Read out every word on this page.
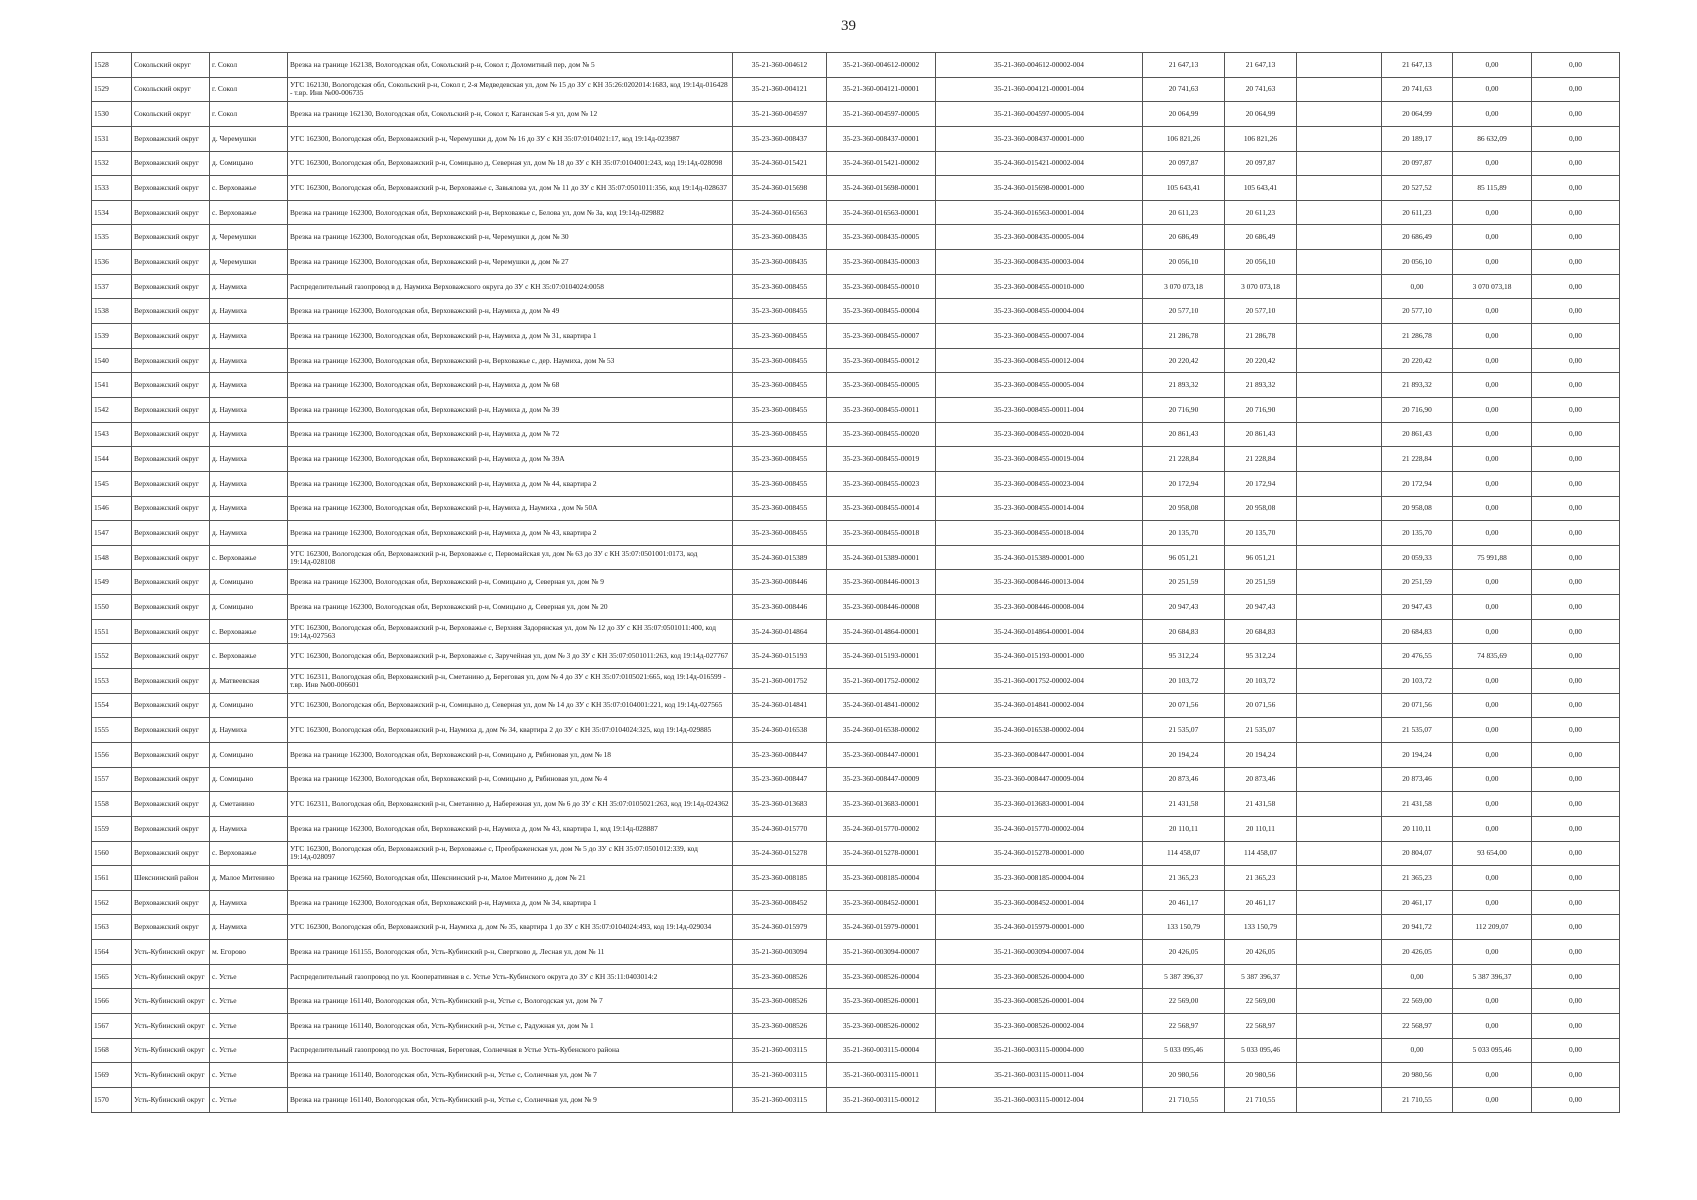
39
1528	Сокольский округ	г. Сокол	Врезка на границе 162138, Вологодская обл, Сокольский р-н, Сокол г, Доломитный пер, дом № 5	35-21-360-004612	35-21-360-004612-00002	35-21-360-004612-00002-004	21 647,13	21 647,13		21 647,13	0,00	0,00
1529	Сокольский округ	г. Сокол	УГС 162130, Вологодская обл, Сокольский р-н, Сокол г, 2-я Медведевская ул, дом № 15 до ЗУ с КН 35:26:0202014:1683, код 19:14д-016428 - т.вр. Инв №00-006735	35-21-360-004121	35-21-360-004121-00001	35-21-360-004121-00001-004	20 741,63	20 741,63		20 741,63	0,00	0,00
1530	Сокольский округ	г. Сокол	Врезка на границе 162130, Вологодская обл, Сокольский р-н, Сокол г, Каганская 5-я ул, дом № 12	35-21-360-004597	35-21-360-004597-00005	35-21-360-004597-00005-004	20 064,99	20 064,99		20 064,99	0,00	0,00
1531	Верховажский округ	д. Черемушки	УГС 162300, Вологодская обл, Верховажский р-н, Черемушки д, дом № 16 до ЗУ с КН 35:07:0104021:17, код 19:14д-023987	35-23-360-008437	35-23-360-008437-00001	35-23-360-008437-00001-000	106 821,26	106 821,26		20 189,17	86 632,09	0,00
1532	Верховажский округ	д. Сомицыно	УГС 162300, Вологодская обл, Верховажский р-н, Сомицыно д, Северная ул, дом № 18 до ЗУ с КН 35:07:0104001:243, код 19:14д-028098	35-24-360-015421	35-24-360-015421-00002	35-24-360-015421-00002-004	20 097,87	20 097,87		20 097,87	0,00	0,00
1533	Верховажский округ	с. Верховажье	УГС 162300, Вологодская обл, Верховажский р-н, Верховажье с, Завьялова ул, дом № 11 до ЗУ с КН 35:07:0501011:356, код 19:14д-028637	35-24-360-015698	35-24-360-015698-00001	35-24-360-015698-00001-000	105 643,41	105 643,41		20 527,52	85 115,89	0,00
1534	Верховажский округ	с. Верховажье	Врезка на границе 162300, Вологодская обл, Верховажский р-н, Верховажье с, Белова ул, дом № 3а, код 19:14д-029882	35-24-360-016563	35-24-360-016563-00001	35-24-360-016563-00001-004	20 611,23	20 611,23		20 611,23	0,00	0,00
1535	Верховажский округ	д. Черемушки	Врезка на границе 162300, Вологодская обл, Верховажский р-н, Черемушки д, дом № 30	35-23-360-008435	35-23-360-008435-00005	35-23-360-008435-00005-004	20 686,49	20 686,49		20 686,49	0,00	0,00
1536	Верховажский округ	д. Черемушки	Врезка на границе 162300, Вологодская обл, Верховажский р-н, Черемушки д, дом № 27	35-23-360-008435	35-23-360-008435-00003	35-23-360-008435-00003-004	20 056,10	20 056,10		20 056,10	0,00	0,00
1537	Верховажский округ	д. Наумиха	Распределительный газопровод в д. Наумиха Верховажского округа до ЗУ с КН 35:07:0104024:0058	35-23-360-008455	35-23-360-008455-00010	35-23-360-008455-00010-000	3 070 073,18	3 070 073,18		0,00	3 070 073,18	0,00
1538	Верховажский округ	д. Наумиха	Врезка на границе 162300, Вологодская обл, Верховажский р-н, Наумиха д, дом № 49	35-23-360-008455	35-23-360-008455-00004	35-23-360-008455-00004-004	20 577,10	20 577,10		20 577,10	0,00	0,00
1539	Верховажский округ	д. Наумиха	Врезка на границе 162300, Вологодская обл, Верховажский р-н, Наумиха д, дом № 31, квартира 1	35-23-360-008455	35-23-360-008455-00007	35-23-360-008455-00007-004	21 286,78	21 286,78		21 286,78	0,00	0,00
1540	Верховажский округ	д. Наумиха	Врезка на границе 162300, Вологодская обл, Верховажский р-н, Верховажье с, дер. Наумиха, дом № 53	35-23-360-008455	35-23-360-008455-00012	35-23-360-008455-00012-004	20 220,42	20 220,42		20 220,42	0,00	0,00
1541	Верховажский округ	д. Наумиха	Врезка на границе 162300, Вологодская обл, Верховажский р-н, Наумиха д, дом № 68	35-23-360-008455	35-23-360-008455-00005	35-23-360-008455-00005-004	21 893,32	21 893,32		21 893,32	0,00	0,00
1542	Верховажский округ	д. Наумиха	Врезка на границе 162300, Вологодская обл, Верховажский р-н, Наумиха д, дом № 39	35-23-360-008455	35-23-360-008455-00011	35-23-360-008455-00011-004	20 716,90	20 716,90		20 716,90	0,00	0,00
1543	Верховажский округ	д. Наумиха	Врезка на границе 162300, Вологодская обл, Верховажский р-н, Наумиха д, дом № 72	35-23-360-008455	35-23-360-008455-00020	35-23-360-008455-00020-004	20 861,43	20 861,43		20 861,43	0,00	0,00
1544	Верховажский округ	д. Наумиха	Врезка на границе 162300, Вологодская обл, Верховажский р-н, Наумиха д, дом № 39А	35-23-360-008455	35-23-360-008455-00019	35-23-360-008455-00019-004	21 228,84	21 228,84		21 228,84	0,00	0,00
1545	Верховажский округ	д. Наумиха	Врезка на границе 162300, Вологодская обл, Верховажский р-н, Наумиха д, дом № 44, квартира 2	35-23-360-008455	35-23-360-008455-00023	35-23-360-008455-00023-004	20 172,94	20 172,94		20 172,94	0,00	0,00
1546	Верховажский округ	д. Наумиха	Врезка на границе 162300, Вологодская обл, Верховажский р-н, Наумиха д, Наумиха , дом № 50А	35-23-360-008455	35-23-360-008455-00014	35-23-360-008455-00014-004	20 958,08	20 958,08		20 958,08	0,00	0,00
1547	Верховажский округ	д. Наумиха	Врезка на границе 162300, Вологодская обл, Верховажский р-н, Наумиха д, дом № 43, квартира 2	35-23-360-008455	35-23-360-008455-00018	35-23-360-008455-00018-004	20 135,70	20 135,70		20 135,70	0,00	0,00
1548	Верховажский округ	с. Верховажье	УГС 162300, Вологодская обл, Верховажский р-н, Верховажье с, Первомайская ул, дом № 63 до ЗУ с КН 35:07:0501001:0173, код 19:14д-028108	35-24-360-015389	35-24-360-015389-00001	35-24-360-015389-00001-000	96 051,21	96 051,21		20 059,33	75 991,88	0,00
1549	Верховажский округ	д. Сомицыно	Врезка на границе 162300, Вологодская обл, Верховажский р-н, Сомицыно д, Северная ул, дом № 9	35-23-360-008446	35-23-360-008446-00013	35-23-360-008446-00013-004	20 251,59	20 251,59		20 251,59	0,00	0,00
1550	Верховажский округ	д. Сомицыно	Врезка на границе 162300, Вологодская обл, Верховажский р-н, Сомицыно д, Северная ул, дом № 20	35-23-360-008446	35-23-360-008446-00008	35-23-360-008446-00008-004	20 947,43	20 947,43		20 947,43	0,00	0,00
1551	Верховажский округ	с. Верховажье	УГС 162300, Вологодская обл, Верховажский р-н, Верховажье с, Верхняя Задорянская ул, дом № 12 до ЗУ с КН 35:07:0501011:400, код 19:14д-027563	35-24-360-014864	35-24-360-014864-00001	35-24-360-014864-00001-004	20 684,83	20 684,83		20 684,83	0,00	0,00
1552	Верховажский округ	с. Верховажье	УГС 162300, Вологодская обл, Верховажский р-н, Верховажье с, Заручейная ул, дом № 3 до ЗУ с КН 35:07:0501011:263, код 19:14д-027767	35-24-360-015193	35-24-360-015193-00001	35-24-360-015193-00001-000	95 312,24	95 312,24		20 476,55	74 835,69	0,00
1553	Верховажский округ	д. Матвеевская	УГС 162311, Вологодская обл, Верховажский р-н, Сметанино д, Береговая ул, дом № 4 до ЗУ с КН 35:07:0105021:665, код 19:14д-016599 - т.вр. Инв №00-006601	35-21-360-001752	35-21-360-001752-00002	35-21-360-001752-00002-004	20 103,72	20 103,72		20 103,72	0,00	0,00
1554	Верховажский округ	д. Сомицыно	УГС 162300, Вологодская обл, Верховажский р-н, Сомицыно д, Северная ул, дом № 14 до ЗУ с КН 35:07:0104001:221, код 19:14д-027565	35-24-360-014841	35-24-360-014841-00002	35-24-360-014841-00002-004	20 071,56	20 071,56		20 071,56	0,00	0,00
1555	Верховажский округ	д. Наумиха	УГС 162300, Вологодская обл, Верховажский р-н, Наумиха д, дом № 34, квартира 2 до ЗУ с КН 35:07:0104024:325, код 19:14д-029885	35-24-360-016538	35-24-360-016538-00002	35-24-360-016538-00002-004	21 535,07	21 535,07		21 535,07	0,00	0,00
1556	Верховажский округ	д. Сомицыно	Врезка на границе 162300, Вологодская обл, Верховажский р-н, Сомицыно д, Рябиновая ул, дом № 18	35-23-360-008447	35-23-360-008447-00001	35-23-360-008447-00001-004	20 194,24	20 194,24		20 194,24	0,00	0,00
1557	Верховажский округ	д. Сомицыно	Врезка на границе 162300, Вологодская обл, Верховажский р-н, Сомицыно д, Рябиновая ул, дом № 4	35-23-360-008447	35-23-360-008447-00009	35-23-360-008447-00009-004	20 873,46	20 873,46		20 873,46	0,00	0,00
1558	Верховажский округ	д. Сметанино	УГС 162311, Вологодская обл, Верховажский р-н, Сметанино д, Набережная ул, дом № 6 до ЗУ с КН 35:07:0105021:263, код 19:14д-024362	35-23-360-013683	35-23-360-013683-00001	35-23-360-013683-00001-004	21 431,58	21 431,58		21 431,58	0,00	0,00
1559	Верховажский округ	д. Наумиха	Врезка на границе 162300, Вологодская обл, Верховажский р-н, Наумиха д, дом № 43, квартира 1, код 19:14д-028887	35-24-360-015770	35-24-360-015770-00002	35-24-360-015770-00002-004	20 110,11	20 110,11		20 110,11	0,00	0,00
1560	Верховажский округ	с. Верховажье	УГС 162300, Вологодская обл, Верховажский р-н, Верховажье с, Преображенская ул, дом № 5 до ЗУ с КН 35:07:0501012:339, код 19:14д-028097	35-24-360-015278	35-24-360-015278-00001	35-24-360-015278-00001-000	114 458,07	114 458,07		20 804,07	93 654,00	0,00
1561	Шекснинский район	д. Малое Митенино	Врезка на границе 162560, Вологодская обл, Шекснинский р-н, Малое Митенино д, дом № 21	35-23-360-008185	35-23-360-008185-00004	35-23-360-008185-00004-004	21 365,23	21 365,23		21 365,23	0,00	0,00
1562	Верховажский округ	д. Наумиха	Врезка на границе 162300, Вологодская обл, Верховажский р-н, Наумиха д, дом № 34, квартира 1	35-23-360-008452	35-23-360-008452-00001	35-23-360-008452-00001-004	20 461,17	20 461,17		20 461,17	0,00	0,00
1563	Верховажский округ	д. Наумиха	УГС 162300, Вологодская обл, Верховажский р-н, Наумиха д, дом № 35, квартира 1 до ЗУ с КН 35:07:0104024:493, код 19:14д-029034	35-24-360-015979	35-24-360-015979-00001	35-24-360-015979-00001-000	133 150,79	133 150,79		20 941,72	112 209,07	0,00
1564	Усть-Кубинский округ	м. Егорово	Врезка на границе 161155, Вологодская обл, Усть-Кубинский р-н, Свергково д, Лесная ул, дом № 11	35-21-360-003094	35-21-360-003094-00007	35-21-360-003094-00007-004	20 426,05	20 426,05		20 426,05	0,00	0,00
1565	Усть-Кубинский округ	с. Устье	Распределительный газопровод по ул. Кооперативная в с. Устье Усть-Кубинского округа до ЗУ с КН 35:11:0403014:2	35-23-360-008526	35-23-360-008526-00004	35-23-360-008526-00004-000	5 387 396,37	5 387 396,37		0,00	5 387 396,37	0,00
1566	Усть-Кубинский округ	с. Устье	Врезка на границе 161140, Вологодская обл, Усть-Кубинский р-н, Устье с, Вологодская ул, дом № 7	35-23-360-008526	35-23-360-008526-00001	35-23-360-008526-00001-004	22 569,00	22 569,00		22 569,00	0,00	0,00
1567	Усть-Кубинский округ	с. Устье	Врезка на границе 161140, Вологодская обл, Усть-Кубинский р-н, Устье с, Радужная ул, дом № 1	35-23-360-008526	35-23-360-008526-00002	35-23-360-008526-00002-004	22 568,97	22 568,97		22 568,97	0,00	0,00
1568	Усть-Кубинский округ	с. Устье	Распределительный газопровод по ул. Восточная, Береговая, Солнечная в Устье Усть-Кубенского района	35-21-360-003115	35-21-360-003115-00004	35-21-360-003115-00004-000	5 033 095,46	5 033 095,46		0,00	5 033 095,46	0,00
1569	Усть-Кубинский округ	с. Устье	Врезка на границе 161140, Вологодская обл, Усть-Кубинский р-н, Устье с, Солнечная ул, дом № 7	35-21-360-003115	35-21-360-003115-00011	35-21-360-003115-00011-004	20 980,56	20 980,56		20 980,56	0,00	0,00
1570	Усть-Кубинский округ	с. Устье	Врезка на границе 161140, Вологодская обл, Усть-Кубинский р-н, Устье с, Солнечная ул, дом № 9	35-21-360-003115	35-21-360-003115-00012	35-21-360-003115-00012-004	21 710,55	21 710,55		21 710,55	0,00	0,00
